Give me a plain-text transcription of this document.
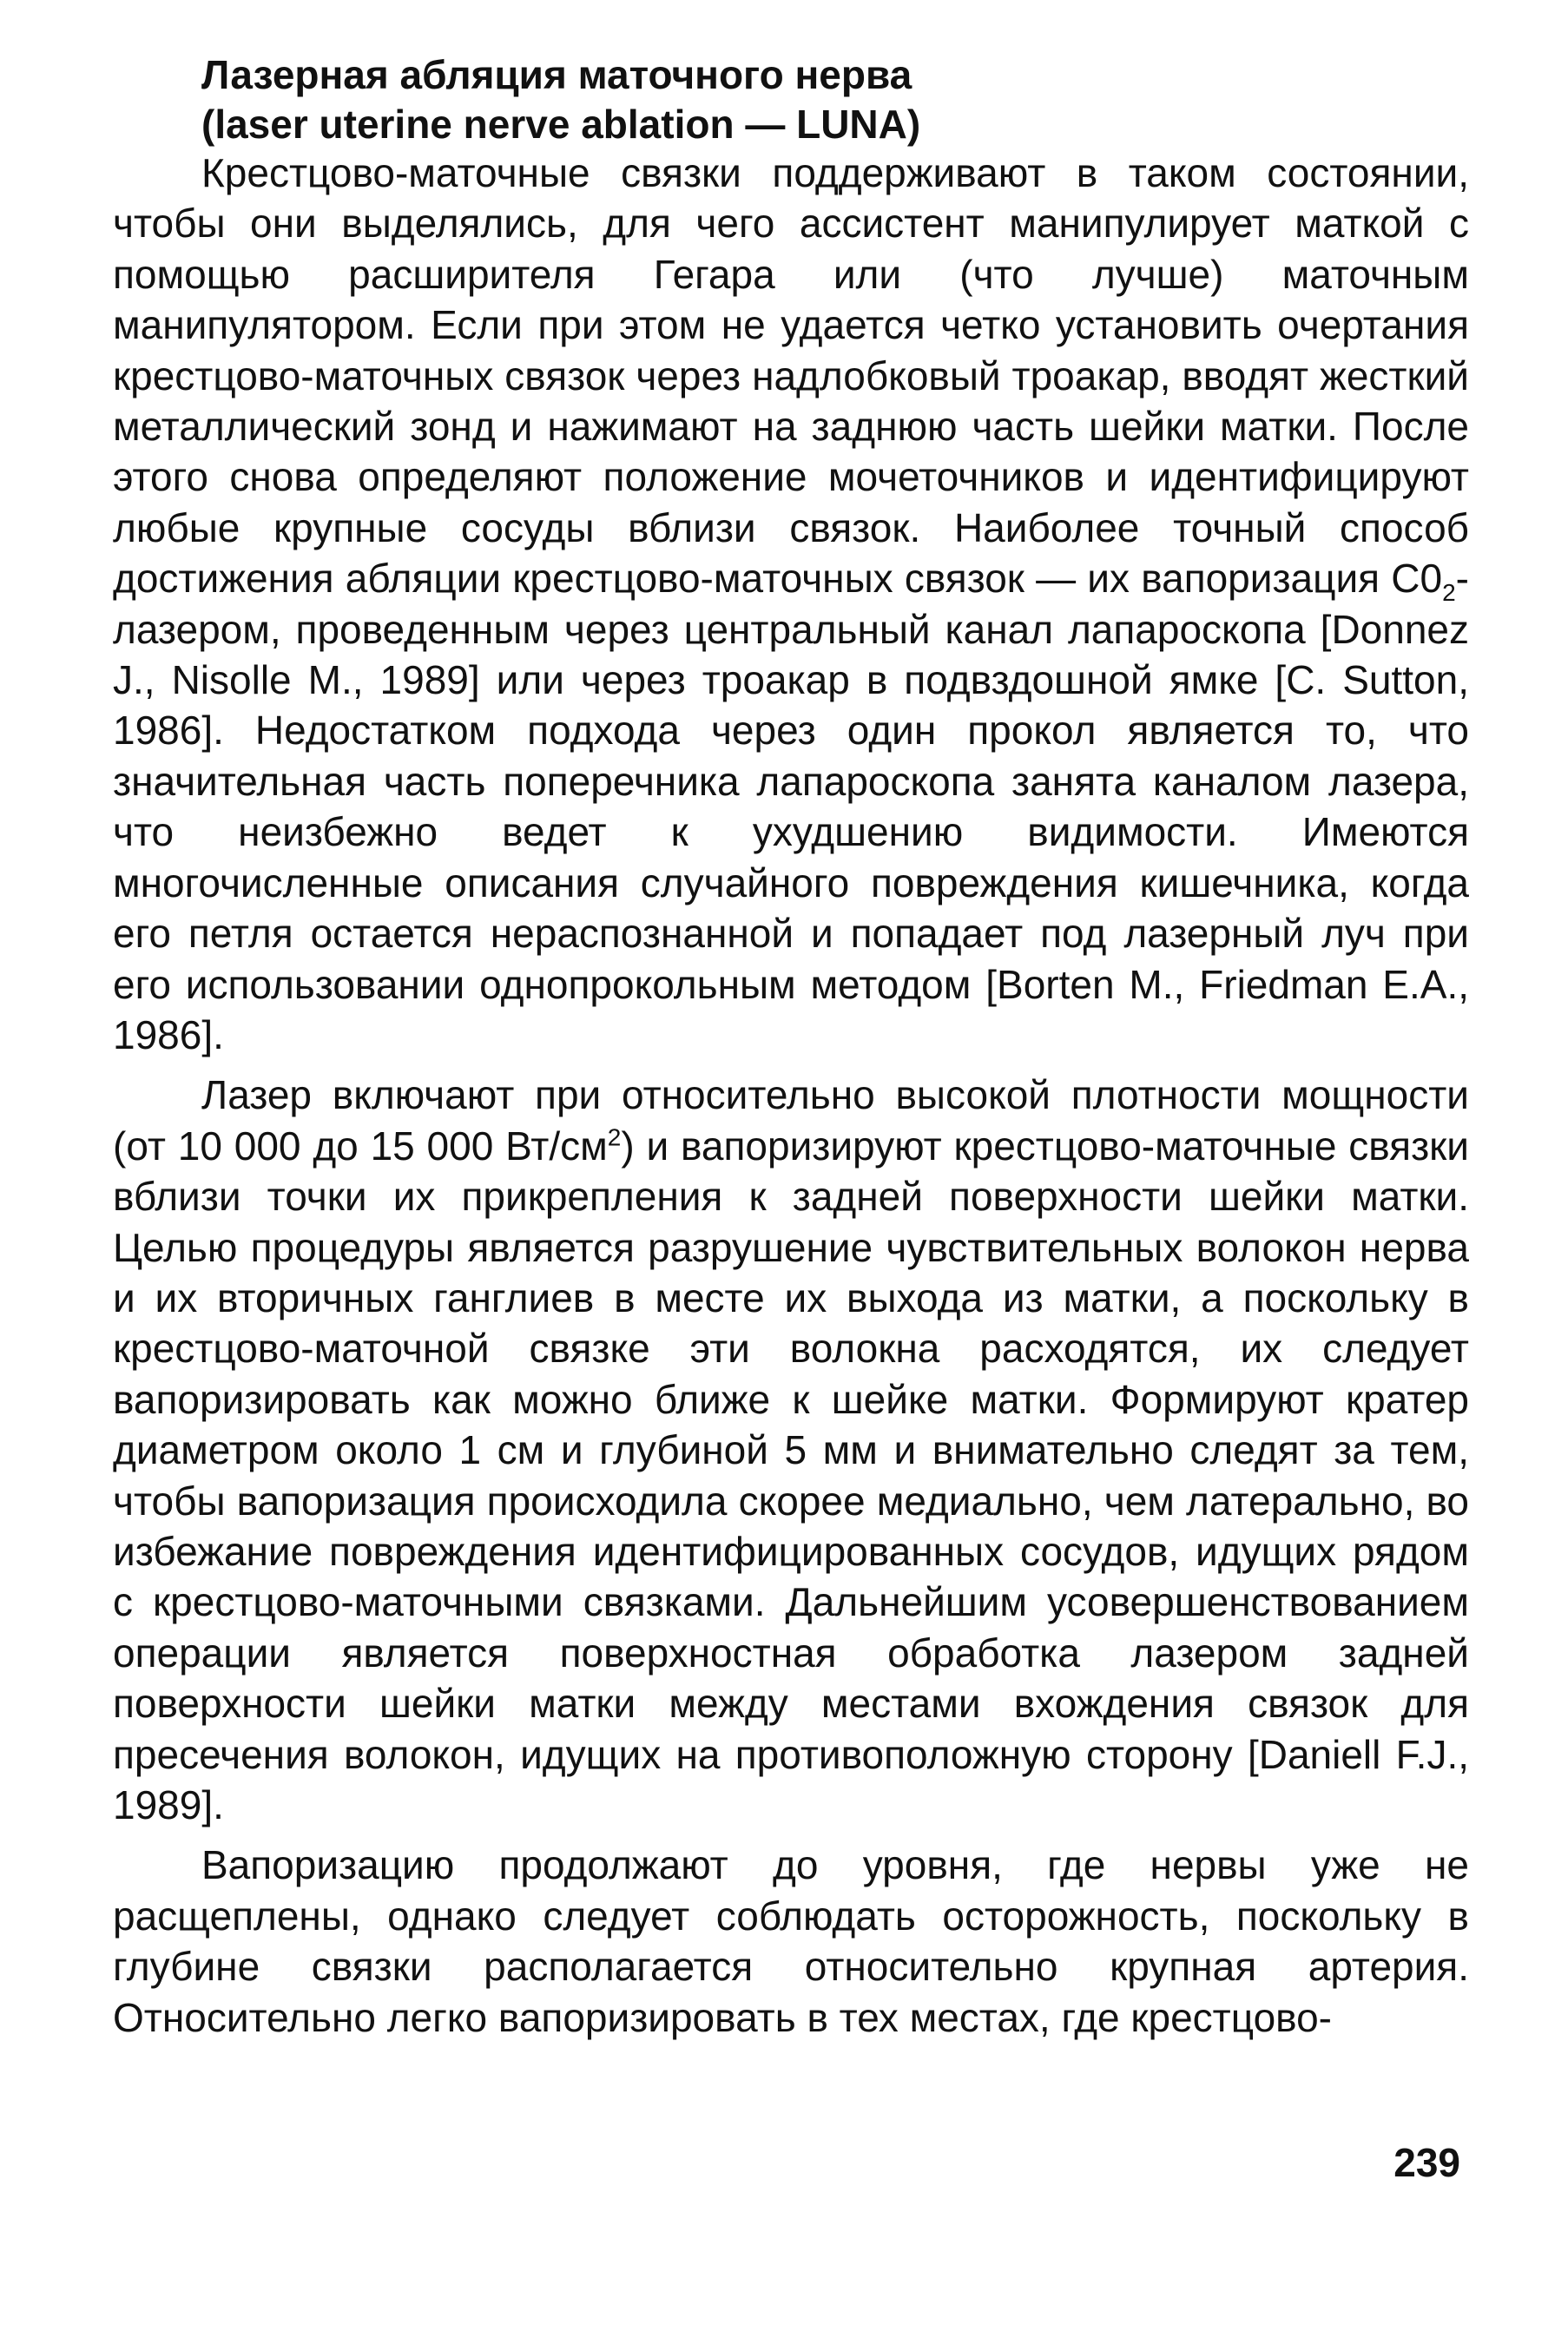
Лазерная абляция маточного нерва
(laser uterine nerve ablation — LUNA)

Крестцово-маточные связки поддерживают в таком состоянии, чтобы они выделялись, для чего ассистент манипулирует маткой с помощью расширителя Гегара или (что лучше) маточным манипулятором. Если при этом не удается четко установить очертания крестцово-маточных связок через надлобковый троакар, вводят жесткий металлический зонд и нажимают на заднюю часть шейки матки. После этого снова определяют положение мочеточников и идентифицируют любые крупные сосуды вблизи связок. Наиболее точный способ достижения абляции крестцово-маточных связок — их вапоризация $С0_2$-лазером, проведенным через центральный канал лапароскопа [Donnez J., Nisolle M., 1989] или через троакар в подвздошной ямке [C. Sutton, 1986]. Недостатком подхода через один прокол является то, что значительная часть поперечника лапароскопа занята каналом лазера, что неизбежно ведет к ухудшению видимости. Имеются многочисленные описания случайного повреждения кишечника, когда его петля остается нераспознанной и попадает под лазерный луч при его использовании однопрокольным методом [Borten M., Friedman E.A., 1986].

Лазер включают при относительно высокой плотности мощности (от 10 000 до 15 000 $Вт/см^2$) и вапоризируют крестцово-маточные связки вблизи точки их прикрепления к задней поверхности шейки матки. Целью процедуры является разрушение чувствительных волокон нерва и их вторичных ганглиев в месте их выхода из матки, а поскольку в крестцово-маточной связке эти волокна расходятся, их следует вапоризировать как можно ближе к шейке матки. Формируют кратер диаметром около 1 см и глубиной 5 мм и внимательно следят за тем, чтобы вапоризация происходила скорее медиально, чем латерально, во избежание повреждения идентифицированных сосудов, идущих рядом с крестцово-маточными связками. Дальнейшим усовершенствованием операции является поверхностная обработка лазером задней поверхности шейки матки между местами вхождения связок для пресечения волокон, идущих на противоположную сторону [Daniell F.J., 1989].

Вапоризацию продолжают до уровня, где нервы уже не расщеплены, однако следует соблюдать осторожность, поскольку в глубине связки располагается относительно крупная артерия. Относительно легко вапоризировать в тех местах, где крестцово-

239
